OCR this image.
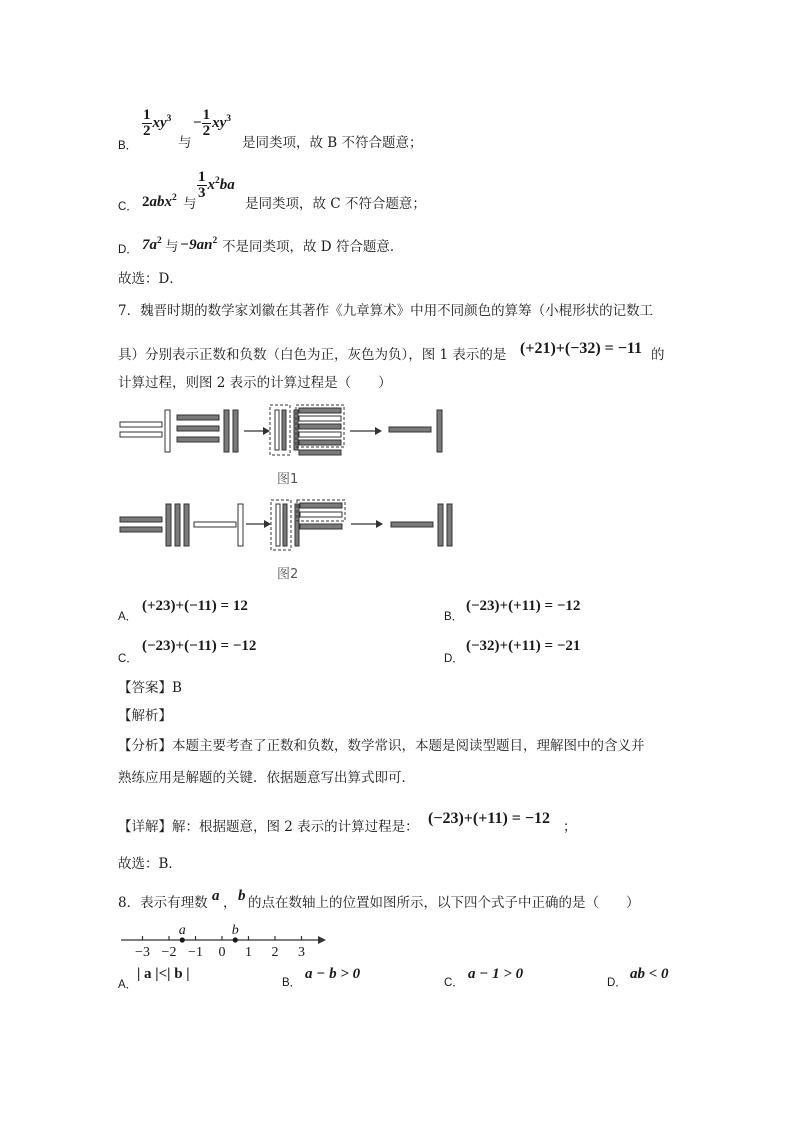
B．
$\frac{1}{2} xy^3$
与
− $\frac{1}{2} xy^3$
是同类项，故 B 不符合题意；
C． 2abx$^2$ 与
$\frac{1}{3} x^2ba$
是同类项，故 C 不符合题意；
D． $7a^2$ 与 $-9an^2$ 不是同类项，故 D 符合题意．
故选：D．
7．魏晋时期的数学家刘徽在其著作《九章算术》中用不同颜色的算筹（小棍形状的记数工
具）分别表示正数和负数（白色为正，灰色为负），图 1 表示的是 (+21)+(−32) = −11 的
计算过程，则图 2 表示的计算过程是（　　）
图1
图2
A．
(+23)+(−11) = 12
B．
(−23)+(+11) = −12
C．
(−23)+(−11) = −12
D．
(−32)+(+11) = −21
【答案】B
【解析】
【分析】本题主要考查了正数和负数，数学常识，本题是阅读型题目，理解图中的含义并
熟练应用是解题的关键．依据题意写出算式即可．
【详解】解：根据题意，图 2 表示的计算过程是： (−23)+(+11) = −12 ；
故选：B．
8．表示有理数 a ， b 的点在数轴上的位置如图所示，以下四个式子中正确的是（　　）
−3 −2 −1 0 1 2 3
a	b
A．
| a |<| b |
B．
a − b > 0
C．
a − 1 > 0
D．
ab < 0
